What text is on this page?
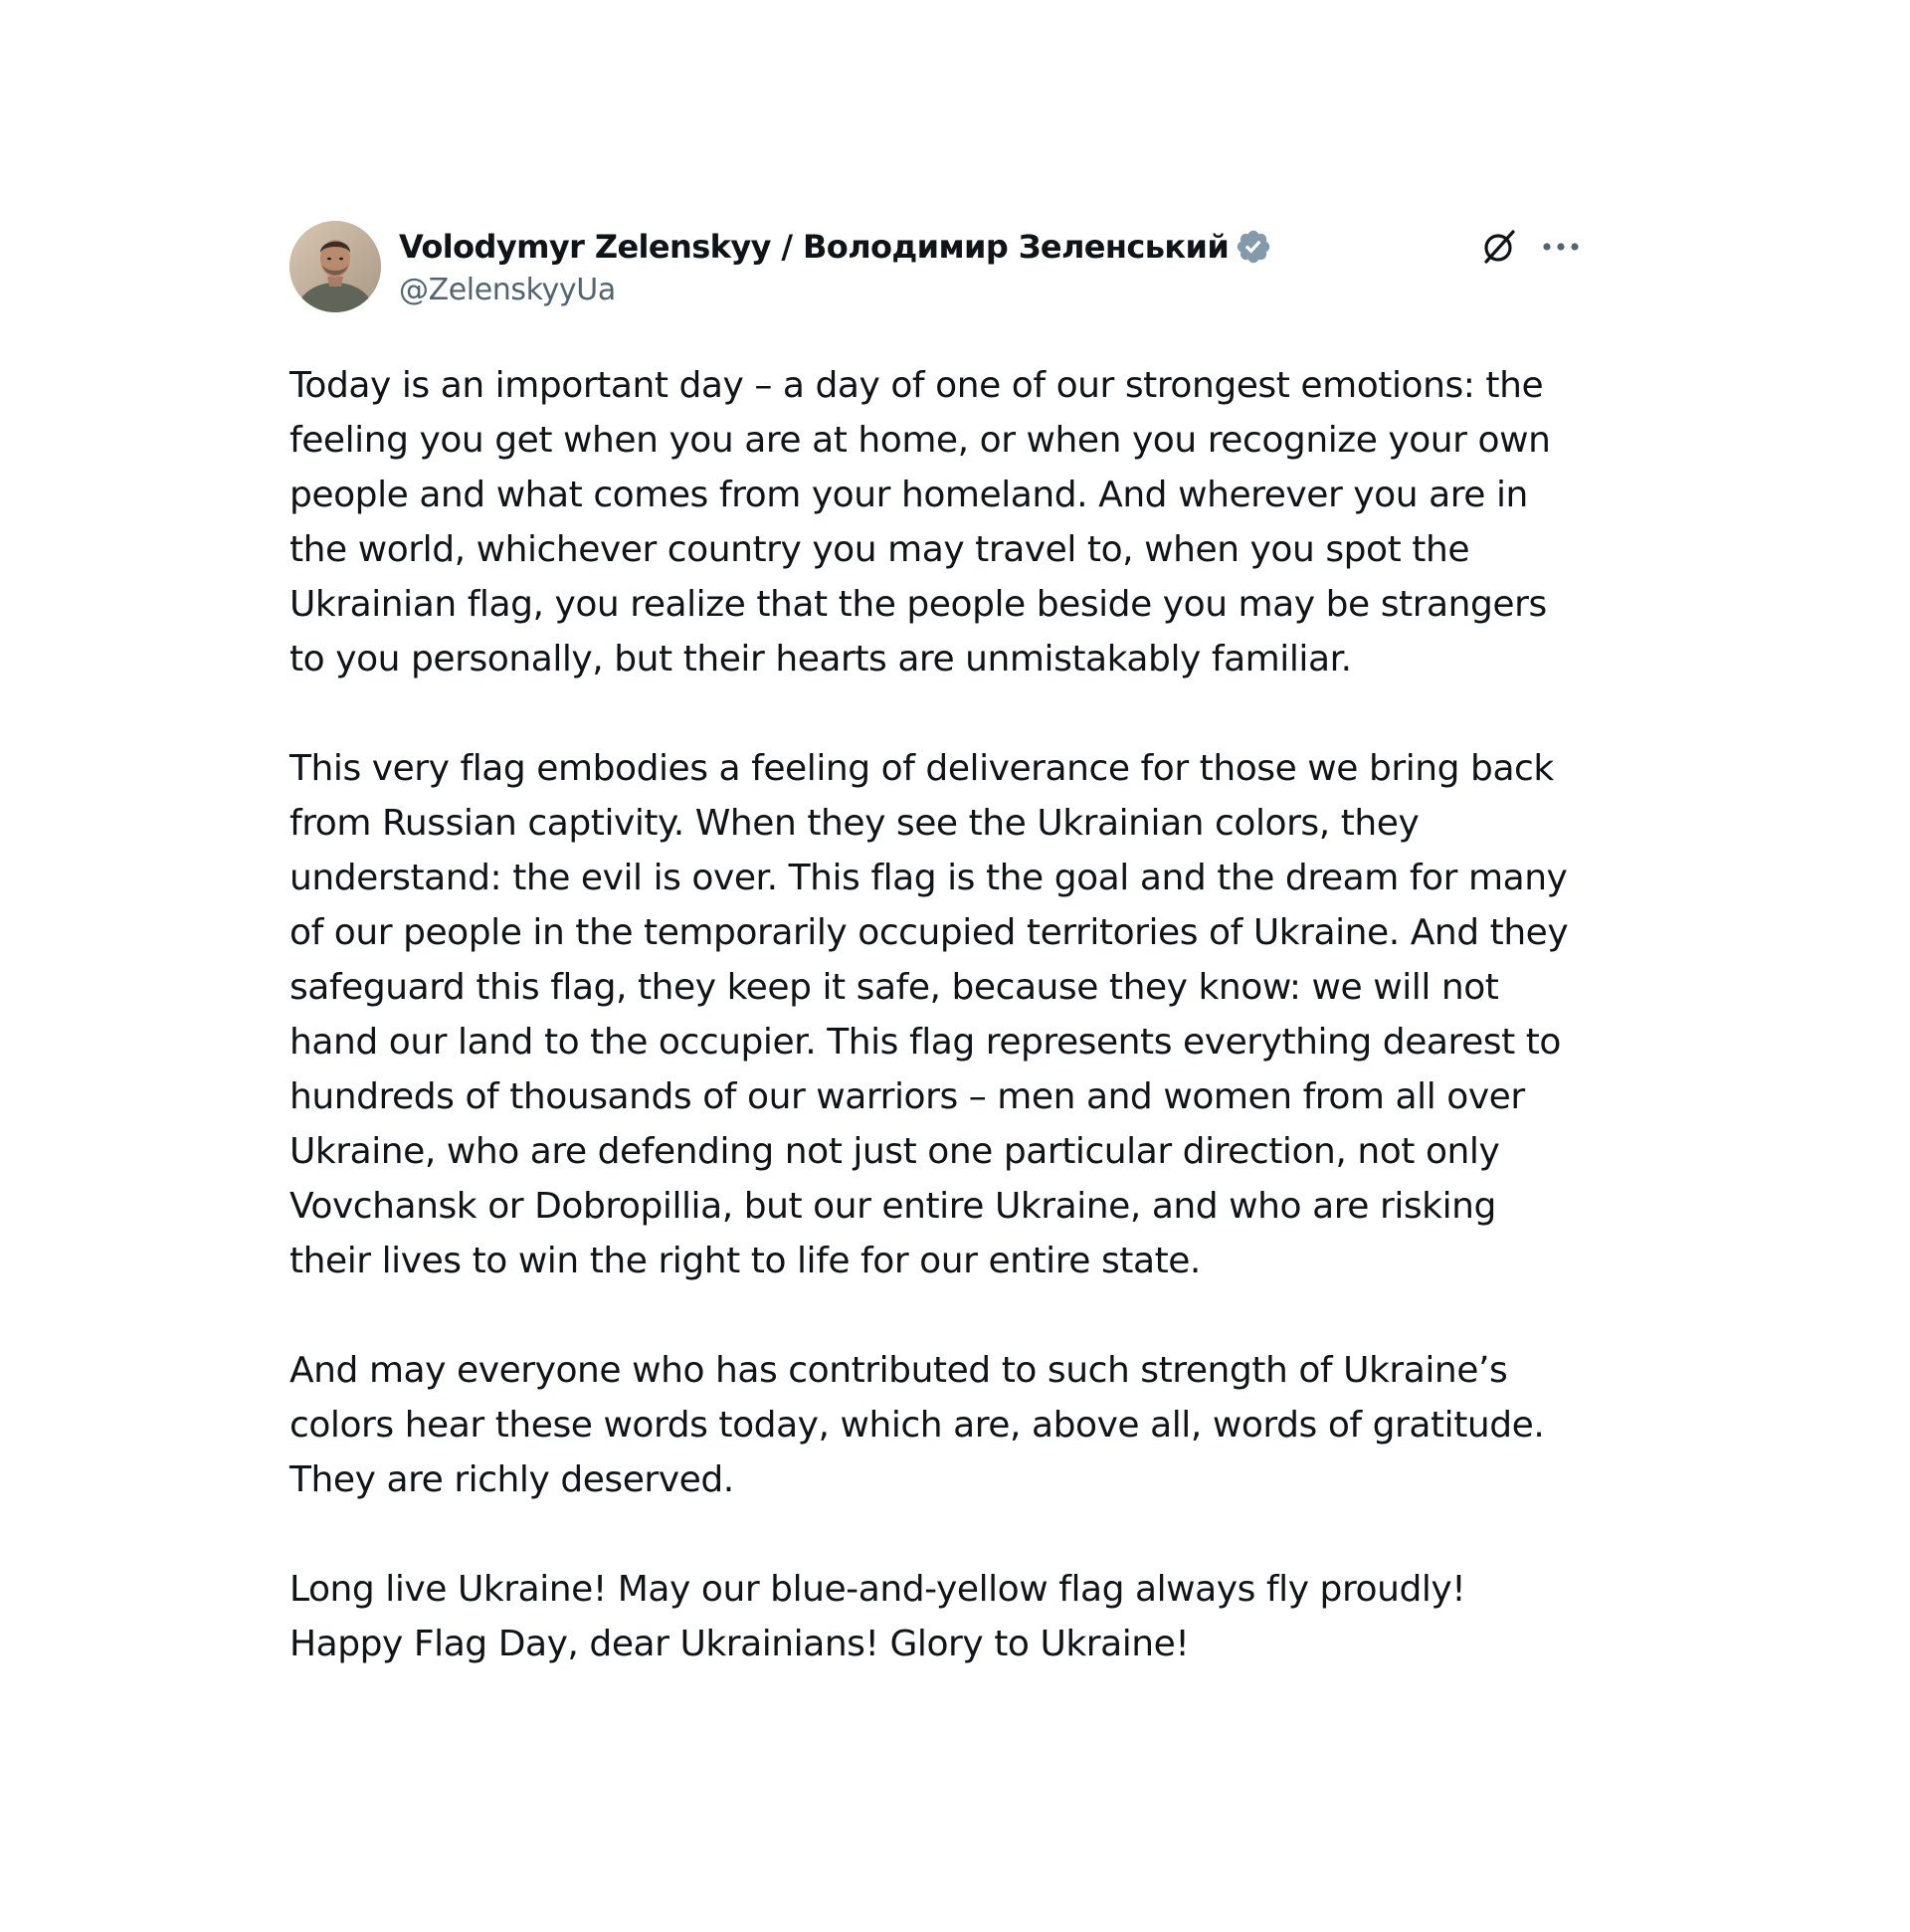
Volodymyr Zelenskyy / Володимир Зеленський
@ZelenskyyUa

Today is an important day – a day of one of our strongest emotions: the feeling you get when you are at home, or when you recognize your own people and what comes from your homeland. And wherever you are in the world, whichever country you may travel to, when you spot the Ukrainian flag, you realize that the people beside you may be strangers to you personally, but their hearts are unmistakably familiar.

This very flag embodies a feeling of deliverance for those we bring back from Russian captivity. When they see the Ukrainian colors, they understand: the evil is over. This flag is the goal and the dream for many of our people in the temporarily occupied territories of Ukraine. And they safeguard this flag, they keep it safe, because they know: we will not hand our land to the occupier. This flag represents everything dearest to hundreds of thousands of our warriors – men and women from all over Ukraine, who are defending not just one particular direction, not only Vovchansk or Dobropillia, but our entire Ukraine, and who are risking their lives to win the right to life for our entire state.

And may everyone who has contributed to such strength of Ukraine’s colors hear these words today, which are, above all, words of gratitude. They are richly deserved.

Long live Ukraine! May our blue-and-yellow flag always fly proudly! Happy Flag Day, dear Ukrainians! Glory to Ukraine!
